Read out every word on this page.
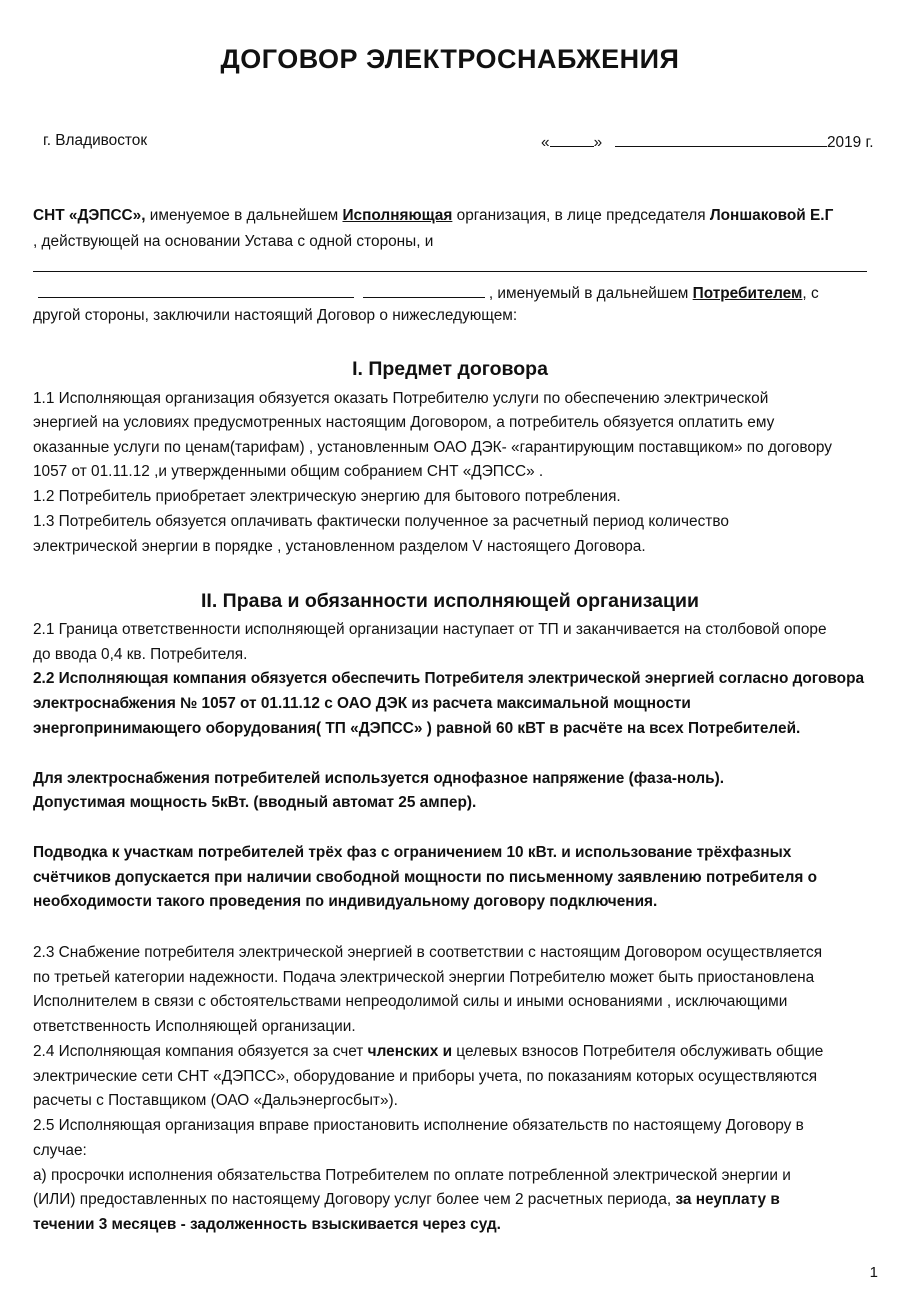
ДОГОВОР ЭЛЕКТРОСНАБЖЕНИЯ
г. Владивосток	«	»	2019 г.
СНТ «ДЭПСС», именуемое в дальнейшем Исполняющая организация, в лице председателя Лоншаковой Е.Г
, действующей на основании Устава с одной стороны, и
, именуемый в дальнейшем Потребителем, с
другой стороны, заключили настоящий Договор о нижеследующем:
I. Предмет договора
1.1 Исполняющая организация обязуется оказать Потребителю услуги по обеспечению электрической
энергией на условиях предусмотренных настоящим Договором, а потребитель обязуется оплатить ему
оказанные услуги по ценам(тарифам) , установленным ОАО ДЭК- «гарантирующим поставщиком» по договору
1057 от 01.11.12 ,и утвержденными общим собранием СНТ «ДЭПСС» .
1.2 Потребитель приобретает электрическую энергию для бытового потребления.
1.3 Потребитель обязуется оплачивать фактически полученное за расчетный период количество
электрической энергии в порядке , установленном разделом V настоящего Договора.
II. Права и обязанности исполняющей организации
2.1 Граница ответственности исполняющей организации наступает от ТП и заканчивается на столбовой опоре
до ввода 0,4 кв. Потребителя.
2.2 Исполняющая компания обязуется обеспечить Потребителя электрической энергией согласно договора
электроснабжения № 1057 от 01.11.12 с ОАО ДЭК из расчета максимальной мощности
энергопринимающего оборудования( ТП «ДЭПСС» ) равной 60 кВТ в расчёте на всех Потребителей.
Для электроснабжения потребителей используется однофазное напряжение (фаза-ноль).
Допустимая мощность 5кВт. (вводный автомат 25 ампер).
Подводка к участкам потребителей трёх фаз с ограничением 10 кВт. и использование трёхфазных
счётчиков допускается при наличии свободной мощности по письменному заявлению потребителя о
необходимости такого проведения по индивидуальному договору подключения.
2.3 Снабжение потребителя электрической энергией в соответствии с настоящим Договором осуществляется
по третьей категории надежности. Подача электрической энергии Потребителю может быть приостановлена
Исполнителем в связи с обстоятельствами непреодолимой силы и иными основаниями , исключающими
ответственность Исполняющей организации.
2.4 Исполняющая компания обязуется за счет членских и целевых взносов Потребителя обслуживать общие
электрические сети СНТ «ДЭПСС», оборудование и приборы учета, по показаниям которых осуществляются
расчеты с Поставщиком (ОАО «Дальэнергосбыт»).
2.5 Исполняющая организация вправе приостановить исполнение обязательств по настоящему Договору в
случае:
а) просрочки исполнения обязательства Потребителем по оплате потребленной электрической энергии и
(ИЛИ) предоставленных по настоящему Договору услуг более чем 2 расчетных периода, за неуплату в
течении 3 месяцев - задолженность взыскивается через суд.
1
